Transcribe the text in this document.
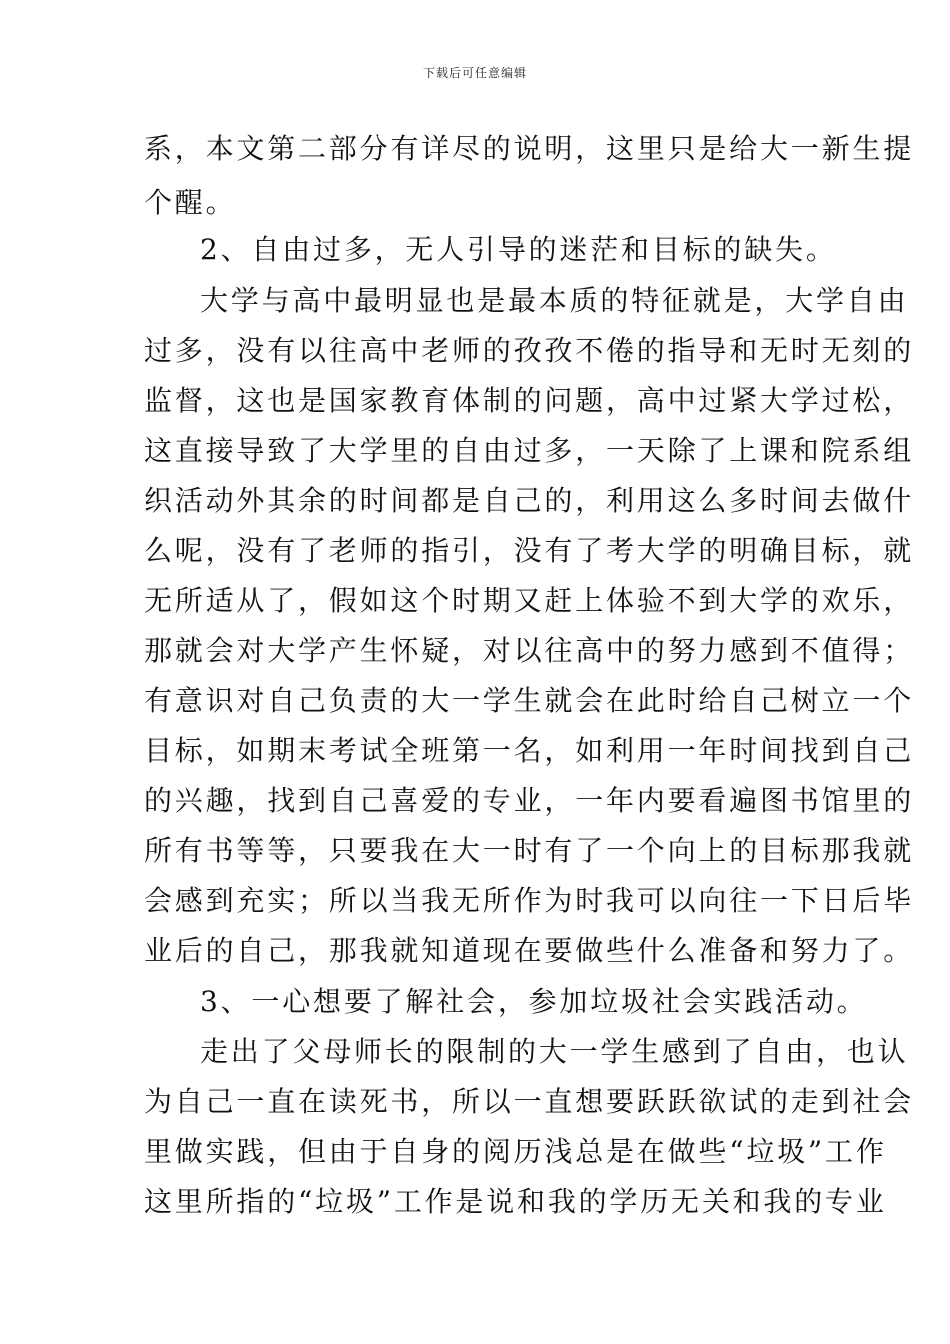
下载后可任意编辑
系，本文第二部分有详尽的说明，这里只是给大一新生提
个醒。
2、自由过多，无人引导的迷茫和目标的缺失。
大学与高中最明显也是最本质的特征就是，大学自由
过多，没有以往高中老师的孜孜不倦的指导和无时无刻的
监督，这也是国家教育体制的问题，高中过紧大学过松，
这直接导致了大学里的自由过多，一天除了上课和院系组
织活动外其余的时间都是自己的，利用这么多时间去做什
么呢，没有了老师的指引，没有了考大学的明确目标，就
无所适从了，假如这个时期又赶上体验不到大学的欢乐，
那就会对大学产生怀疑，对以往高中的努力感到不值得；
有意识对自己负责的大一学生就会在此时给自己树立一个
目标，如期末考试全班第一名，如利用一年时间找到自己
的兴趣，找到自己喜爱的专业，一年内要看遍图书馆里的
所有书等等，只要我在大一时有了一个向上的目标那我就
会感到充实；所以当我无所作为时我可以向往一下日后毕
业后的自己，那我就知道现在要做些什么准备和努力了。
3、一心想要了解社会，参加垃圾社会实践活动。
走出了父母师长的限制的大一学生感到了自由，也认
为自己一直在读死书，所以一直想要跃跃欲试的走到社会
里做实践，但由于自身的阅历浅总是在做些“垃圾”工作
这里所指的“垃圾”工作是说和我的学历无关和我的专业
